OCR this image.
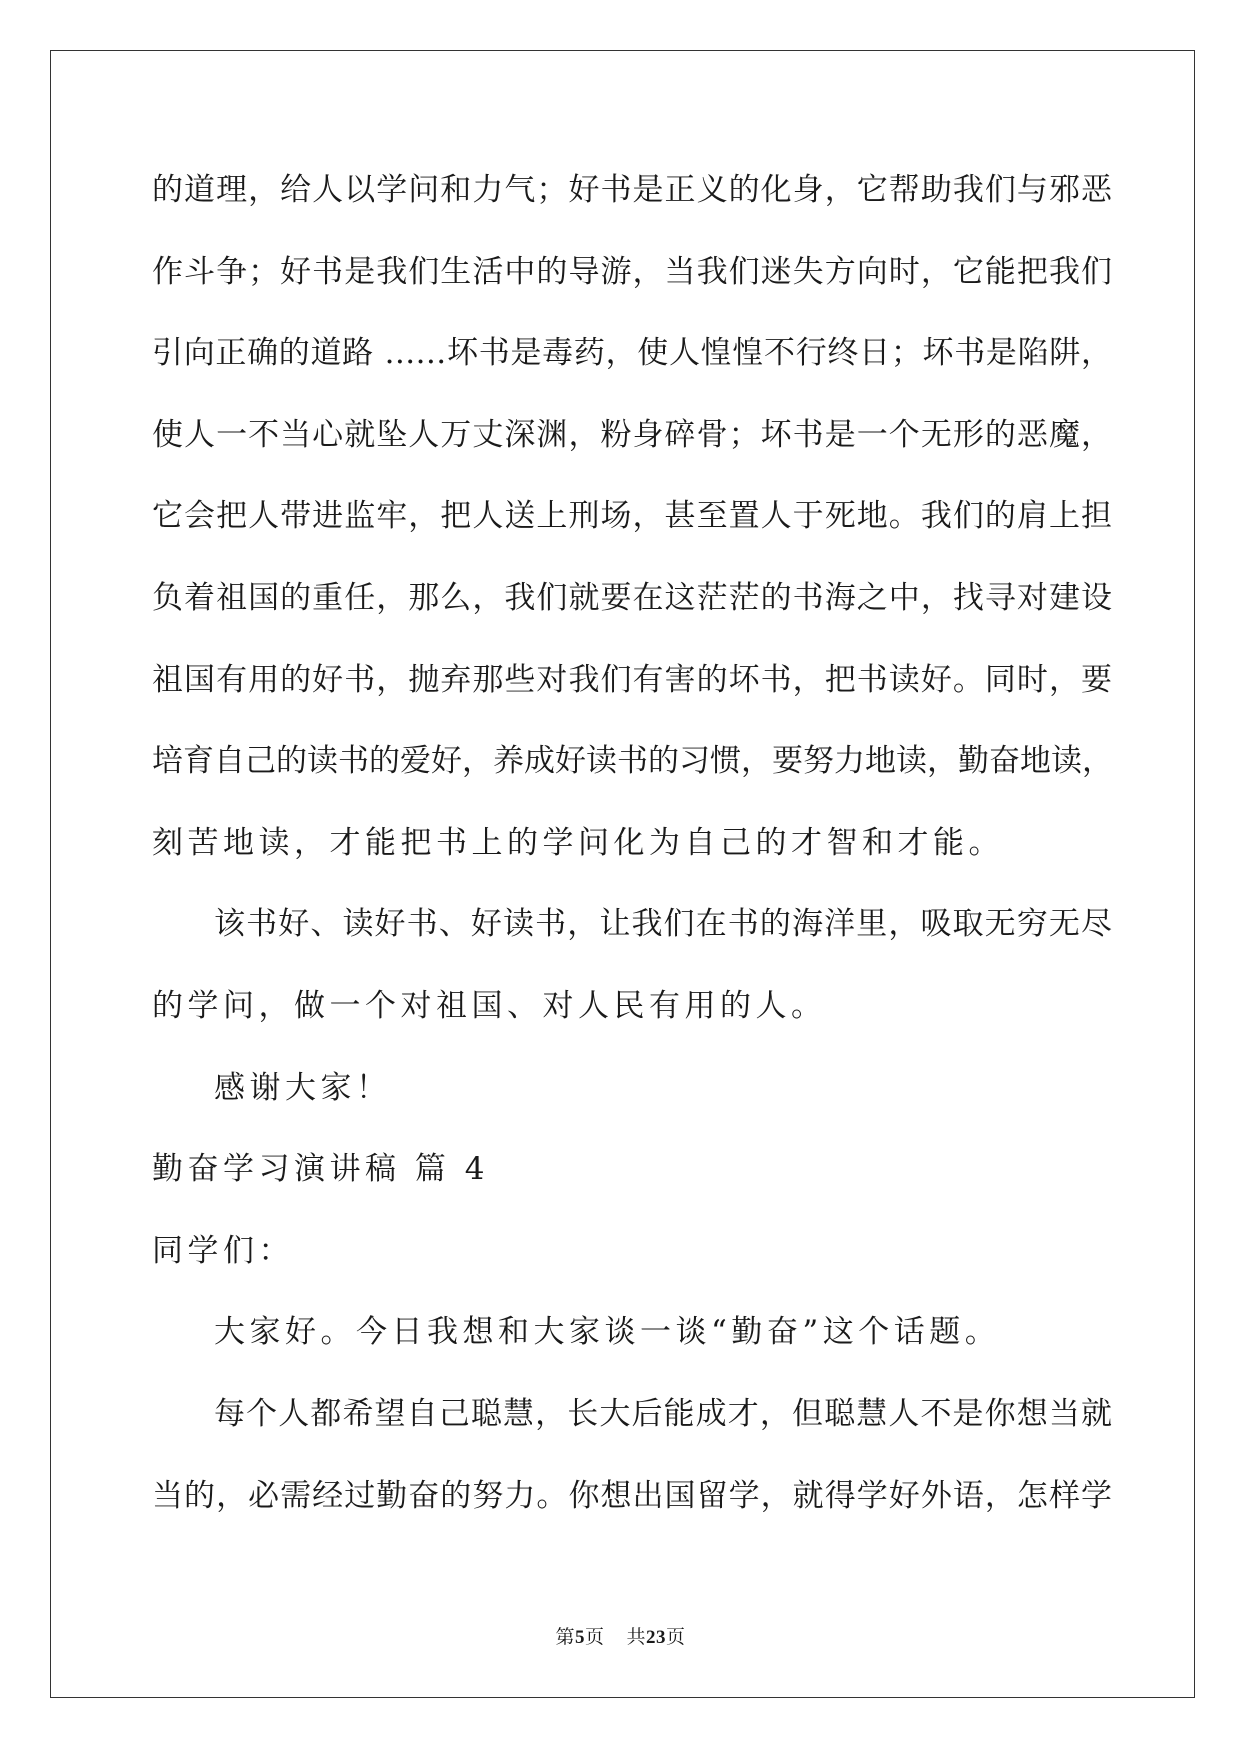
的道理，给人以学问和力气；好书是正义的化身，它帮助我们与邪恶
作斗争；好书是我们生活中的导游，当我们迷失方向时，它能把我们
引向正确的道路 ……坏书是毒药，使人惶惶不行终日；坏书是陷阱，
使人一不当心就坠人万丈深渊，粉身碎骨；坏书是一个无形的恶魔，
它会把人带进监牢，把人送上刑场，甚至置人于死地。我们的肩上担
负着祖国的重任，那么，我们就要在这茫茫的书海之中，找寻对建设
祖国有用的好书，抛弃那些对我们有害的坏书，把书读好。同时，要
培育自己的读书的爱好，养成好读书的习惯，要努力地读，勤奋地读，
刻苦地读，才能把书上的学问化为自己的才智和才能。
该书好、读好书、好读书，让我们在书的海洋里，吸取无穷无尽
的学问，做一个对祖国、对人民有用的人。
感谢大家！
勤奋学习演讲稿 篇 4
同学们：
大家好。今日我想和大家谈一谈“勤奋”这个话题。
每个人都希望自己聪慧，长大后能成才，但聪慧人不是你想当就
当的，必需经过勤奋的努力。你想出国留学，就得学好外语，怎样学
第5页 共23页
